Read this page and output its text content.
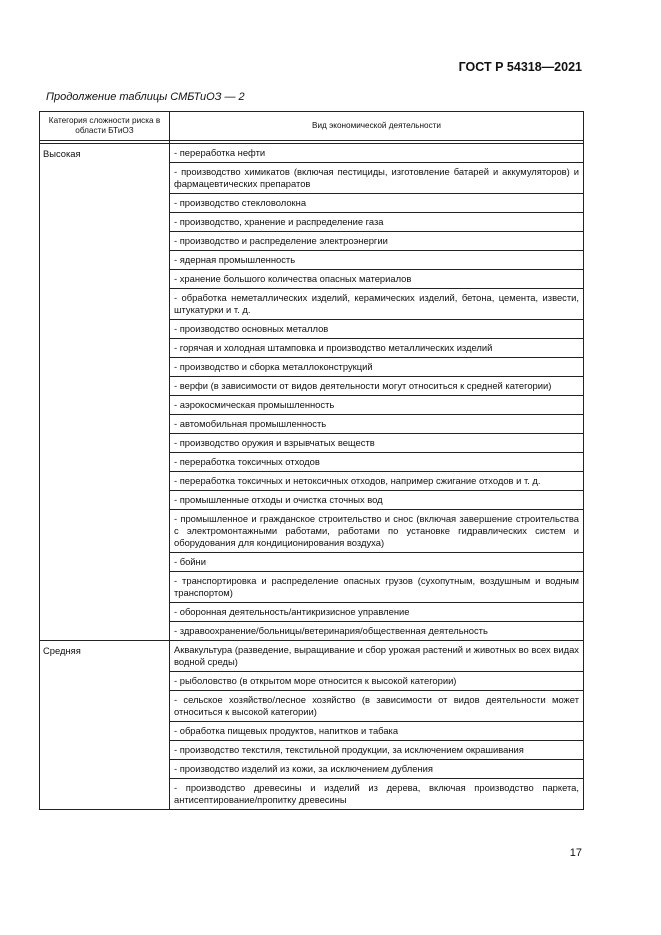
ГОСТ Р 54318—2021
Продолжение таблицы СМБТиОЗ — 2
Категория сложности риска в области БТиОЗ	Вид экономической деятельности

Высокая	- переработка нефти
	- производство химикатов (включая пестициды, изготовление батарей и аккумуляторов) и фармацевтических препаратов
	- производство стекловолокна
	- производство, хранение и распределение газа
	- производство и распределение электроэнергии
	- ядерная промышленность
	- хранение большого количества опасных материалов
	- обработка неметаллических изделий, керамических изделий, бетона, цемента, извести, штукатурки и т. д.
	- производство основных металлов
	- горячая и холодная штамповка и производство металлических изделий
	- производство и сборка металлоконструкций
	- верфи (в зависимости от видов деятельности могут относиться к средней категории)
	- аэрокосмическая промышленность
	- автомобильная промышленность
	- производство оружия и взрывчатых веществ
	- переработка токсичных отходов
	- переработка токсичных и нетоксичных отходов, например сжигание отходов и т. д.
	- промышленные отходы и очистка сточных вод
	- промышленное и гражданское строительство и снос (включая завершение строительства с электромонтажными работами, работами по установке гидравлических систем и оборудования для кондиционирования воздуха)
	- бойни
	- транспортировка и распределение опасных грузов (сухопутным, воздушным и водным транспортом)
	- оборонная деятельность/антикризисное управление
	- здравоохранение/больницы/ветеринария/общественная деятельность
Средняя	Аквакультура (разведение, выращивание и сбор урожая растений и животных во всех видах водной среды)
	- рыболовство (в открытом море относится к высокой категории)
	- сельское хозяйство/лесное хозяйство (в зависимости от видов деятельности может относиться к высокой категории)
	- обработка пищевых продуктов, напитков и табака
	- производство текстиля, текстильной продукции, за исключением окрашивания
	- производство изделий из кожи, за исключением дубления
	- производство древесины и изделий из дерева, включая производство паркета, антисептирование/пропитку древесины
17
